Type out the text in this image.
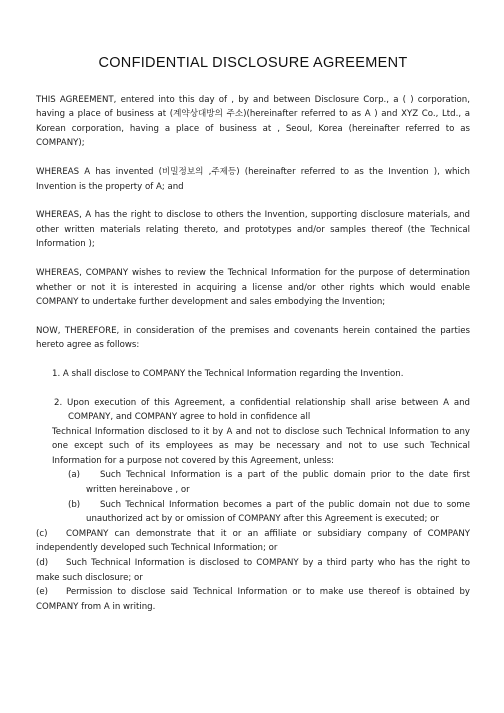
CONFIDENTIAL DISCLOSURE AGREEMENT

THIS AGREEMENT, entered into this day of , by and between Disclosure Corp., a ( ) corporation, having a place of business at (계약상대방의 주소)(hereinafter referred to as A ) and XYZ Co., Ltd., a Korean corporation, having a place of business at , Seoul, Korea (hereinafter referred to as COMPANY);

WHEREAS A has invented (비밀정보의 ,주제등) (hereinafter referred to as the Invention ), which Invention is the property of A; and

WHEREAS, A has the right to disclose to others the Invention, supporting disclosure materials, and other written materials relating thereto, and prototypes and/or samples thereof (the Technical Information );

WHEREAS, COMPANY wishes to review the Technical Information for the purpose of determination whether or not it is interested in acquiring a license and/or other rights which would enable COMPANY to undertake further development and sales embodying the Invention;

NOW, THEREFORE, in consideration of the premises and covenants herein contained the parties hereto agree as follows:

1. A shall disclose to COMPANY the Technical Information regarding the Invention.
2. Upon execution of this Agreement, a confidential relationship shall arise between A and COMPANY, and COMPANY agree to hold in confidence all
Technical Information disclosed to it by A and not to disclose such Technical Information to any one except such of its employees as may be necessary and not to use such Technical Information for a purpose not covered by this Agreement, unless:
(a) Such Technical Information is a part of the public domain prior to the date first written hereinabove , or
(b) Such Technical Information becomes a part of the public domain not due to some unauthorized act by or omission of COMPANY after this Agreement is executed; or
(c) COMPANY can demonstrate that it or an affiliate or subsidiary company of COMPANY independently developed such Technical Information; or
(d) Such Technical Information is disclosed to COMPANY by a third party who has the right to make such disclosure; or
(e) Permission to disclose said Technical Information or to make use thereof is obtained by COMPANY from A in writing.
